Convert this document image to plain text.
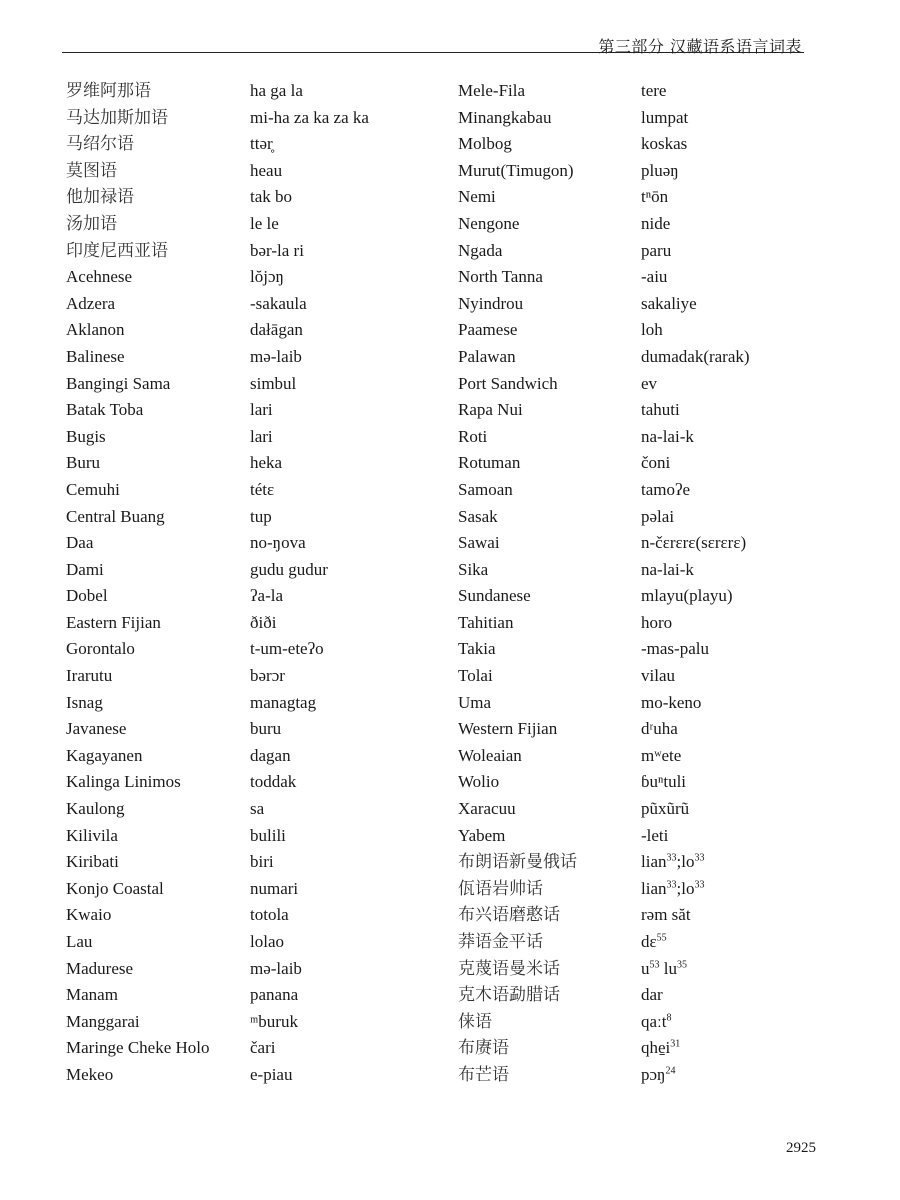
第三部分 汉藏语系语言词表
罗维阿那语
马达加斯加语
马绍尔语
莫图语
他加禄语
汤加语
印度尼西亚语
Acehnese
Adzera
Aklanon
Balinese
Bangingi Sama
Batak Toba
Bugis
Buru
Cemuhi
Central Buang
Daa
Dami
Dobel
Eastern Fijian
Gorontalo
Irarutu
Isnag
Javanese
Kagayanen
Kalinga Linimos
Kaulong
Kilivila
Kiribati
Konjo Coastal
Kwaio
Lau
Madurese
Manam
Manggarai
Maringe Cheke Holo
Mekeo
ha ga la
mi-ha za ka za ka
ttər̥
heau
tak bo
le le
bər-la ri
lŏjɔŋ
-sakaula
dałāgan
mə-laib
simbul
lari
lari
heka
tétɛ
tup
no-ŋova
gudu gudur
ʔa-la
ðiði
t-um-eteʔo
bərɔr
managtag
buru
dagan
toddak
sa
bulili
biri
numari
totola
lolao
mə-laib
panana
ᵐburuk
čari
e-piau
Mele-Fila
Minangkabau
Molbog
Murut(Timugon)
Nemi
Nengone
Ngada
North Tanna
Nyindrou
Paamese
Palawan
Port Sandwich
Rapa Nui
Roti
Rotuman
Samoan
Sasak
Sawai
Sika
Sundanese
Tahitian
Takia
Tolai
Uma
Western Fijian
Woleaian
Wolio
Xaracuu
Yabem
布朗语新曼俄话
佤语岩帅话
布兴语磨憨话
莽语金平话
克蔑语曼米话
克木语勐腊话
俫语
布赓语
布芒语
tere
lumpat
koskas
pluəŋ
tⁿōn
nide
paru
-aiu
sakaliye
loh
dumadak(rarak)
ev
tahuti
na-lai-k
čoni
tamoʔe
pəlai
n-čɛrɛrɛ(sɛrɛrɛ)
na-lai-k
mlayu(playu)
horo
-mas-palu
vilau
mo-keno
dʳuha
mʷete
ɓuⁿtuli
pũxũrũ
-leti
$lian^{33};lo^{33}$
$lian^{33};lo^{33}$
rəm săt
dɛ$^{55}$
$u^{53}$ $lu^{35}$
dar
qaːt$^8$
$qhe̱i^{31}$
pɔŋ$^{24}$
2925
